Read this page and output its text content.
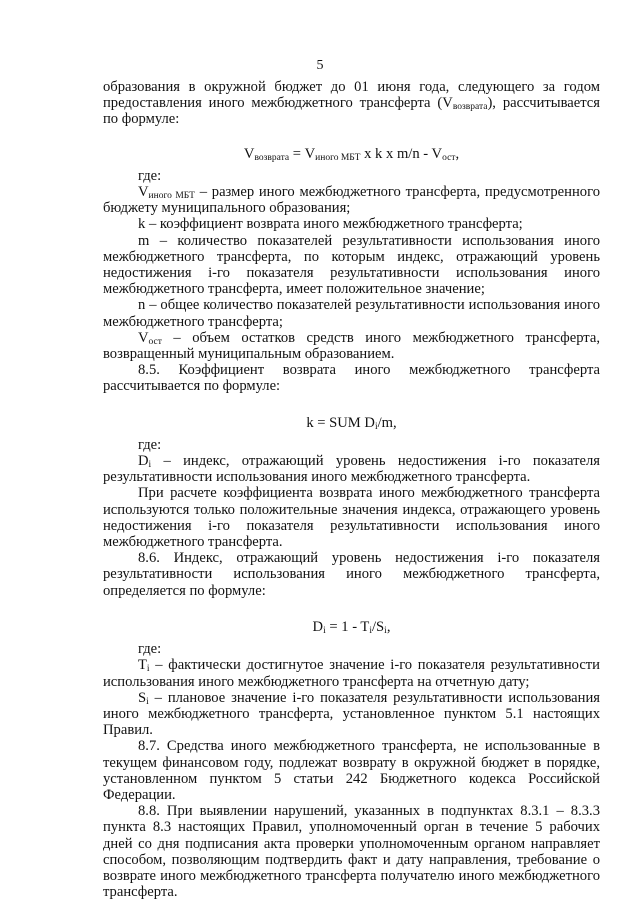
5

образования в окружной бюджет до 01 июня года, следующего за годом предоставления иного межбюджетного трансферта $(V_{возврата})$, рассчитывается по формуле:

$V_{возврата} = V_{иного МБТ}$ x k x $m/n - V_{ост}$,

где:

$V_{иного МБТ}$ – размер иного межбюджетного трансферта, предусмотренного бюджету муниципального образования;

k – коэффициент возврата иного межбюджетного трансферта;

m – количество показателей результативности использования иного межбюджетного трансферта, по которым индекс, отражающий уровень недостижения i-го показателя результативности использования иного межбюджетного трансферта, имеет положительное значение;

n – общее количество показателей результативности использования иного межбюджетного трансферта;

$V_{ост}$ – объем остатков средств иного межбюджетного трансферта, возвращенный муниципальным образованием.

8.5. Коэффициент возврата иного межбюджетного трансферта рассчитывается по формуле:

k = SUM $D_i/m$,

где:

$D_i$ – индекс, отражающий уровень недостижения i-го показателя результативности использования иного межбюджетного трансферта.

При расчете коэффициента возврата иного межбюджетного трансферта используются только положительные значения индекса, отражающего уровень недостижения i-го показателя результативности использования иного межбюджетного трансферта.

8.6. Индекс, отражающий уровень недостижения i-го показателя результативности использования иного межбюджетного трансферта, определяется по формуле:

$D_i = 1 - T_i/S_i$,

где:

$T_i$ – фактически достигнутое значение i-го показателя результативности использования иного межбюджетного трансферта на отчетную дату;

$S_i$ – плановое значение i-го показателя результативности использования иного межбюджетного трансферта, установленное пунктом 5.1 настоящих Правил.

8.7. Средства иного межбюджетного трансферта, не использованные в текущем финансовом году, подлежат возврату в окружной бюджет в порядке, установленном пунктом 5 статьи 242 Бюджетного кодекса Российской Федерации.

8.8. При выявлении нарушений, указанных в подпунктах 8.3.1 – 8.3.3 пункта 8.3 настоящих Правил, уполномоченный орган в течение 5 рабочих дней со дня подписания акта проверки уполномоченным органом направляет способом, позволяющим подтвердить факт и дату направления, требование о возврате иного межбюджетного трансферта получателю иного межбюджетного трансферта.
